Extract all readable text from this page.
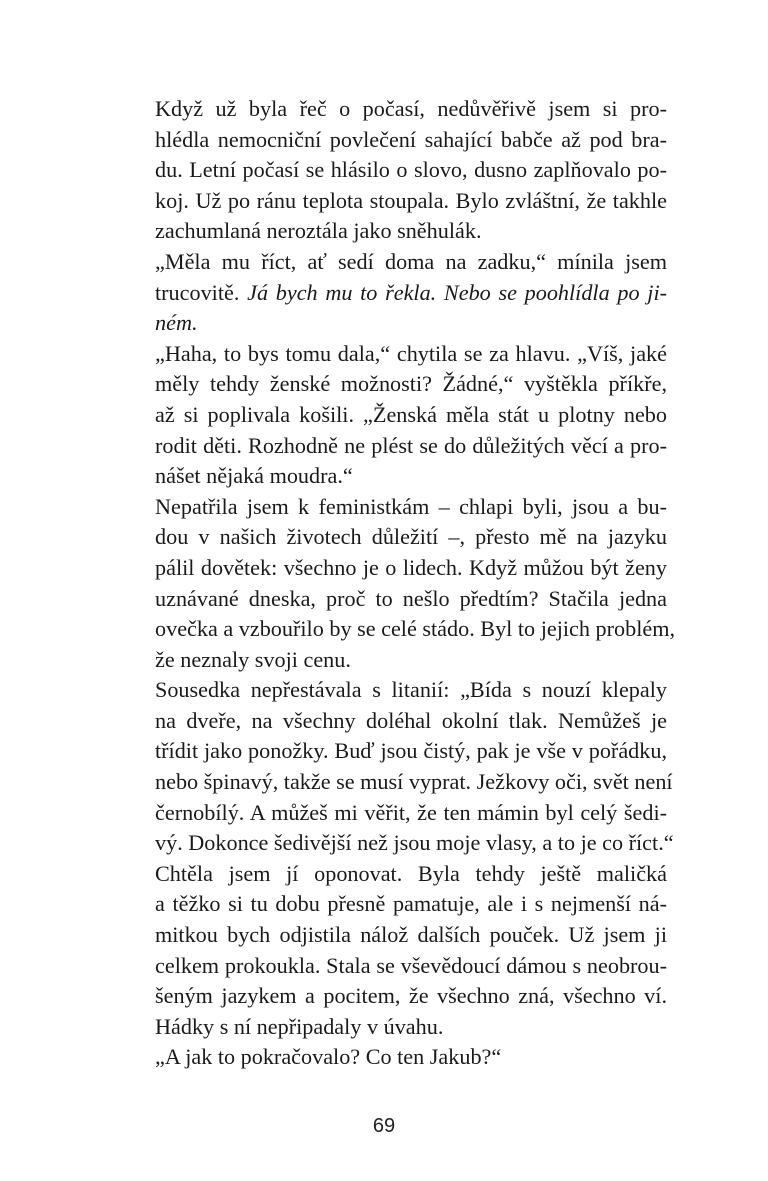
Když už byla řeč o počasí, nedůvěřivě jsem si pro-
hlédla nemocniční povlečení sahající babče až pod bra-
du. Letní počasí se hlásilo o slovo, dusno zaplňovalo po-
koj. Už po ránu teplota stoupala. Bylo zvláštní, že takhle
zachumlaná neroztála jako sněhulák.

„Měla mu říct, ať sedí doma na zadku,“ mínila jsem
trucovitě. Já bych mu to řekla. Nebo se poohlídla po ji-
ném.

„Haha, to bys tomu dala,“ chytila se za hlavu. „Víš, jaké
měly tehdy ženské možnosti? Žádné,“ vyštěkla příkře,
až si poplivala košili. „Ženská měla stát u plotny nebo
rodit děti. Rozhodně ne plést se do důležitých věcí a pro-
nášet nějaká moudra.“

Nepatřila jsem k feministkám – chlapi byli, jsou a bu-
dou v našich životech důležití –, přesto mě na jazyku
pálil dovětek: všechno je o lidech. Když můžou být ženy
uznávané dneska, proč to nešlo předtím? Stačila jedna
ovečka a vzbouřilo by se celé stádo. Byl to jejich problém,
že neznaly svoji cenu.

Sousedka nepřestávala s litanií: „Bída s nouzí klepaly
na dveře, na všechny doléhal okolní tlak. Nemůžeš je
třídit jako ponožky. Buď jsou čistý, pak je vše v pořádku,
nebo špinavý, takže se musí vyprat. Ježkovy oči, svět není
černobílý. A můžeš mi věřit, že ten mámin byl celý šedi-
vý. Dokonce šedivější než jsou moje vlasy, a to je co říct.“

Chtěla jsem jí oponovat. Byla tehdy ještě maličká
a těžko si tu dobu přesně pamatuje, ale i s nejmenší ná-
mitkou bych odjistila nálož dalších pouček. Už jsem ji
celkem prokoukla. Stala se vševědoucí dámou s neobrou-
šeným jazykem a pocitem, že všechno zná, všechno ví.
Hádky s ní nepřipadaly v úvahu.

„A jak to pokračovalo? Co ten Jakub?“

69
